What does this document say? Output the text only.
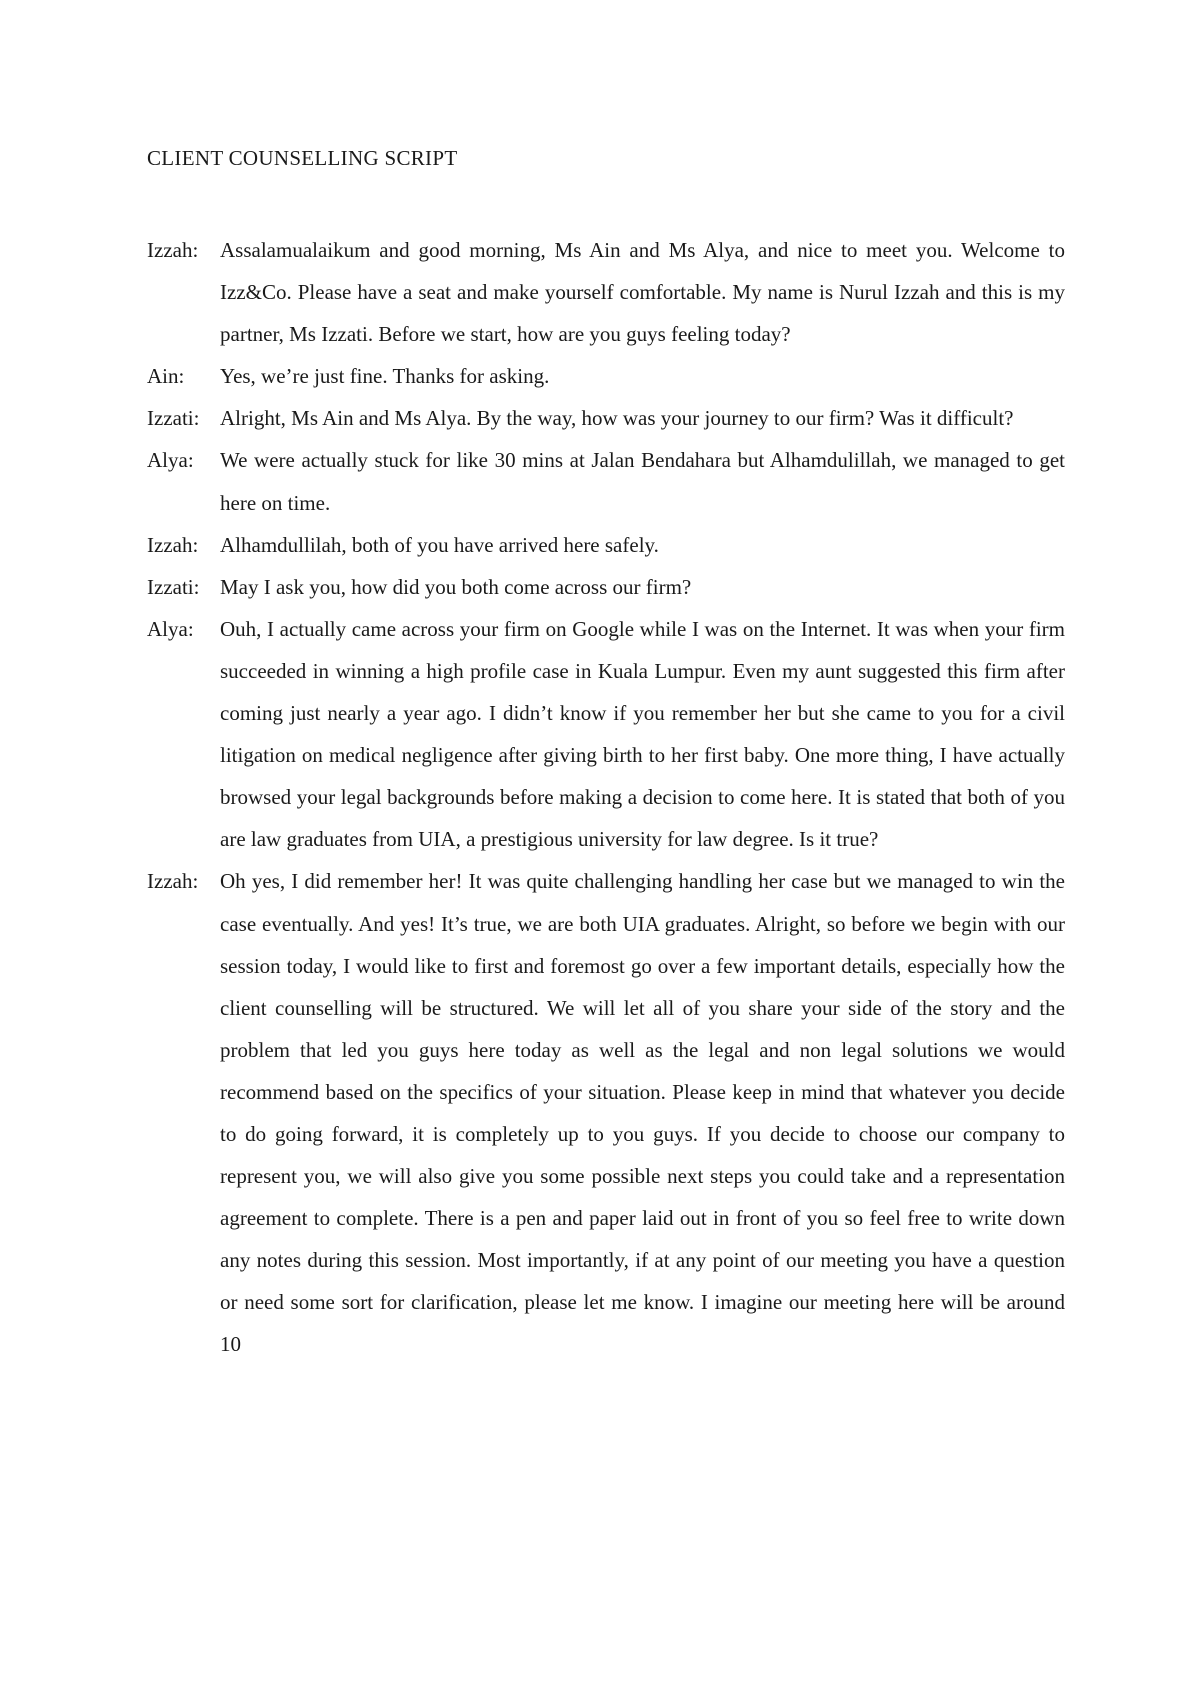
CLIENT COUNSELLING SCRIPT

Izzah: Assalamualaikum and good morning, Ms Ain and Ms Alya, and nice to meet you. Welcome to Izz&Co. Please have a seat and make yourself comfortable. My name is Nurul Izzah and this is my partner, Ms Izzati. Before we start, how are you guys feeling today?

Ain: Yes, we’re just fine. Thanks for asking.

Izzati: Alright, Ms Ain and Ms Alya. By the way, how was your journey to our firm? Was it difficult?

Alya: We were actually stuck for like 30 mins at Jalan Bendahara but Alhamdulillah, we managed to get here on time.

Izzah: Alhamdullilah, both of you have arrived here safely.

Izzati: May I ask you, how did you both come across our firm?

Alya: Ouh, I actually came across your firm on Google while I was on the Internet. It was when your firm succeeded in winning a high profile case in Kuala Lumpur. Even my aunt suggested this firm after coming just nearly a year ago. I didn’t know if you remember her but she came to you for a civil litigation on medical negligence after giving birth to her first baby. One more thing, I have actually browsed your legal backgrounds before making a decision to come here. It is stated that both of you are law graduates from UIA, a prestigious university for law degree. Is it true?

Izzah: Oh yes, I did remember her! It was quite challenging handling her case but we managed to win the case eventually. And yes! It’s true, we are both UIA graduates. Alright, so before we begin with our session today, I would like to first and foremost go over a few important details, especially how the client counselling will be structured. We will let all of you share your side of the story and the problem that led you guys here today as well as the legal and non legal solutions we would recommend based on the specifics of your situation. Please keep in mind that whatever you decide to do going forward, it is completely up to you guys. If you decide to choose our company to represent you, we will also give you some possible next steps you could take and a representation agreement to complete. There is a pen and paper laid out in front of you so feel free to write down any notes during this session. Most importantly, if at any point of our meeting you have a question or need some sort for clarification, please let me know. I imagine our meeting here will be around 10
